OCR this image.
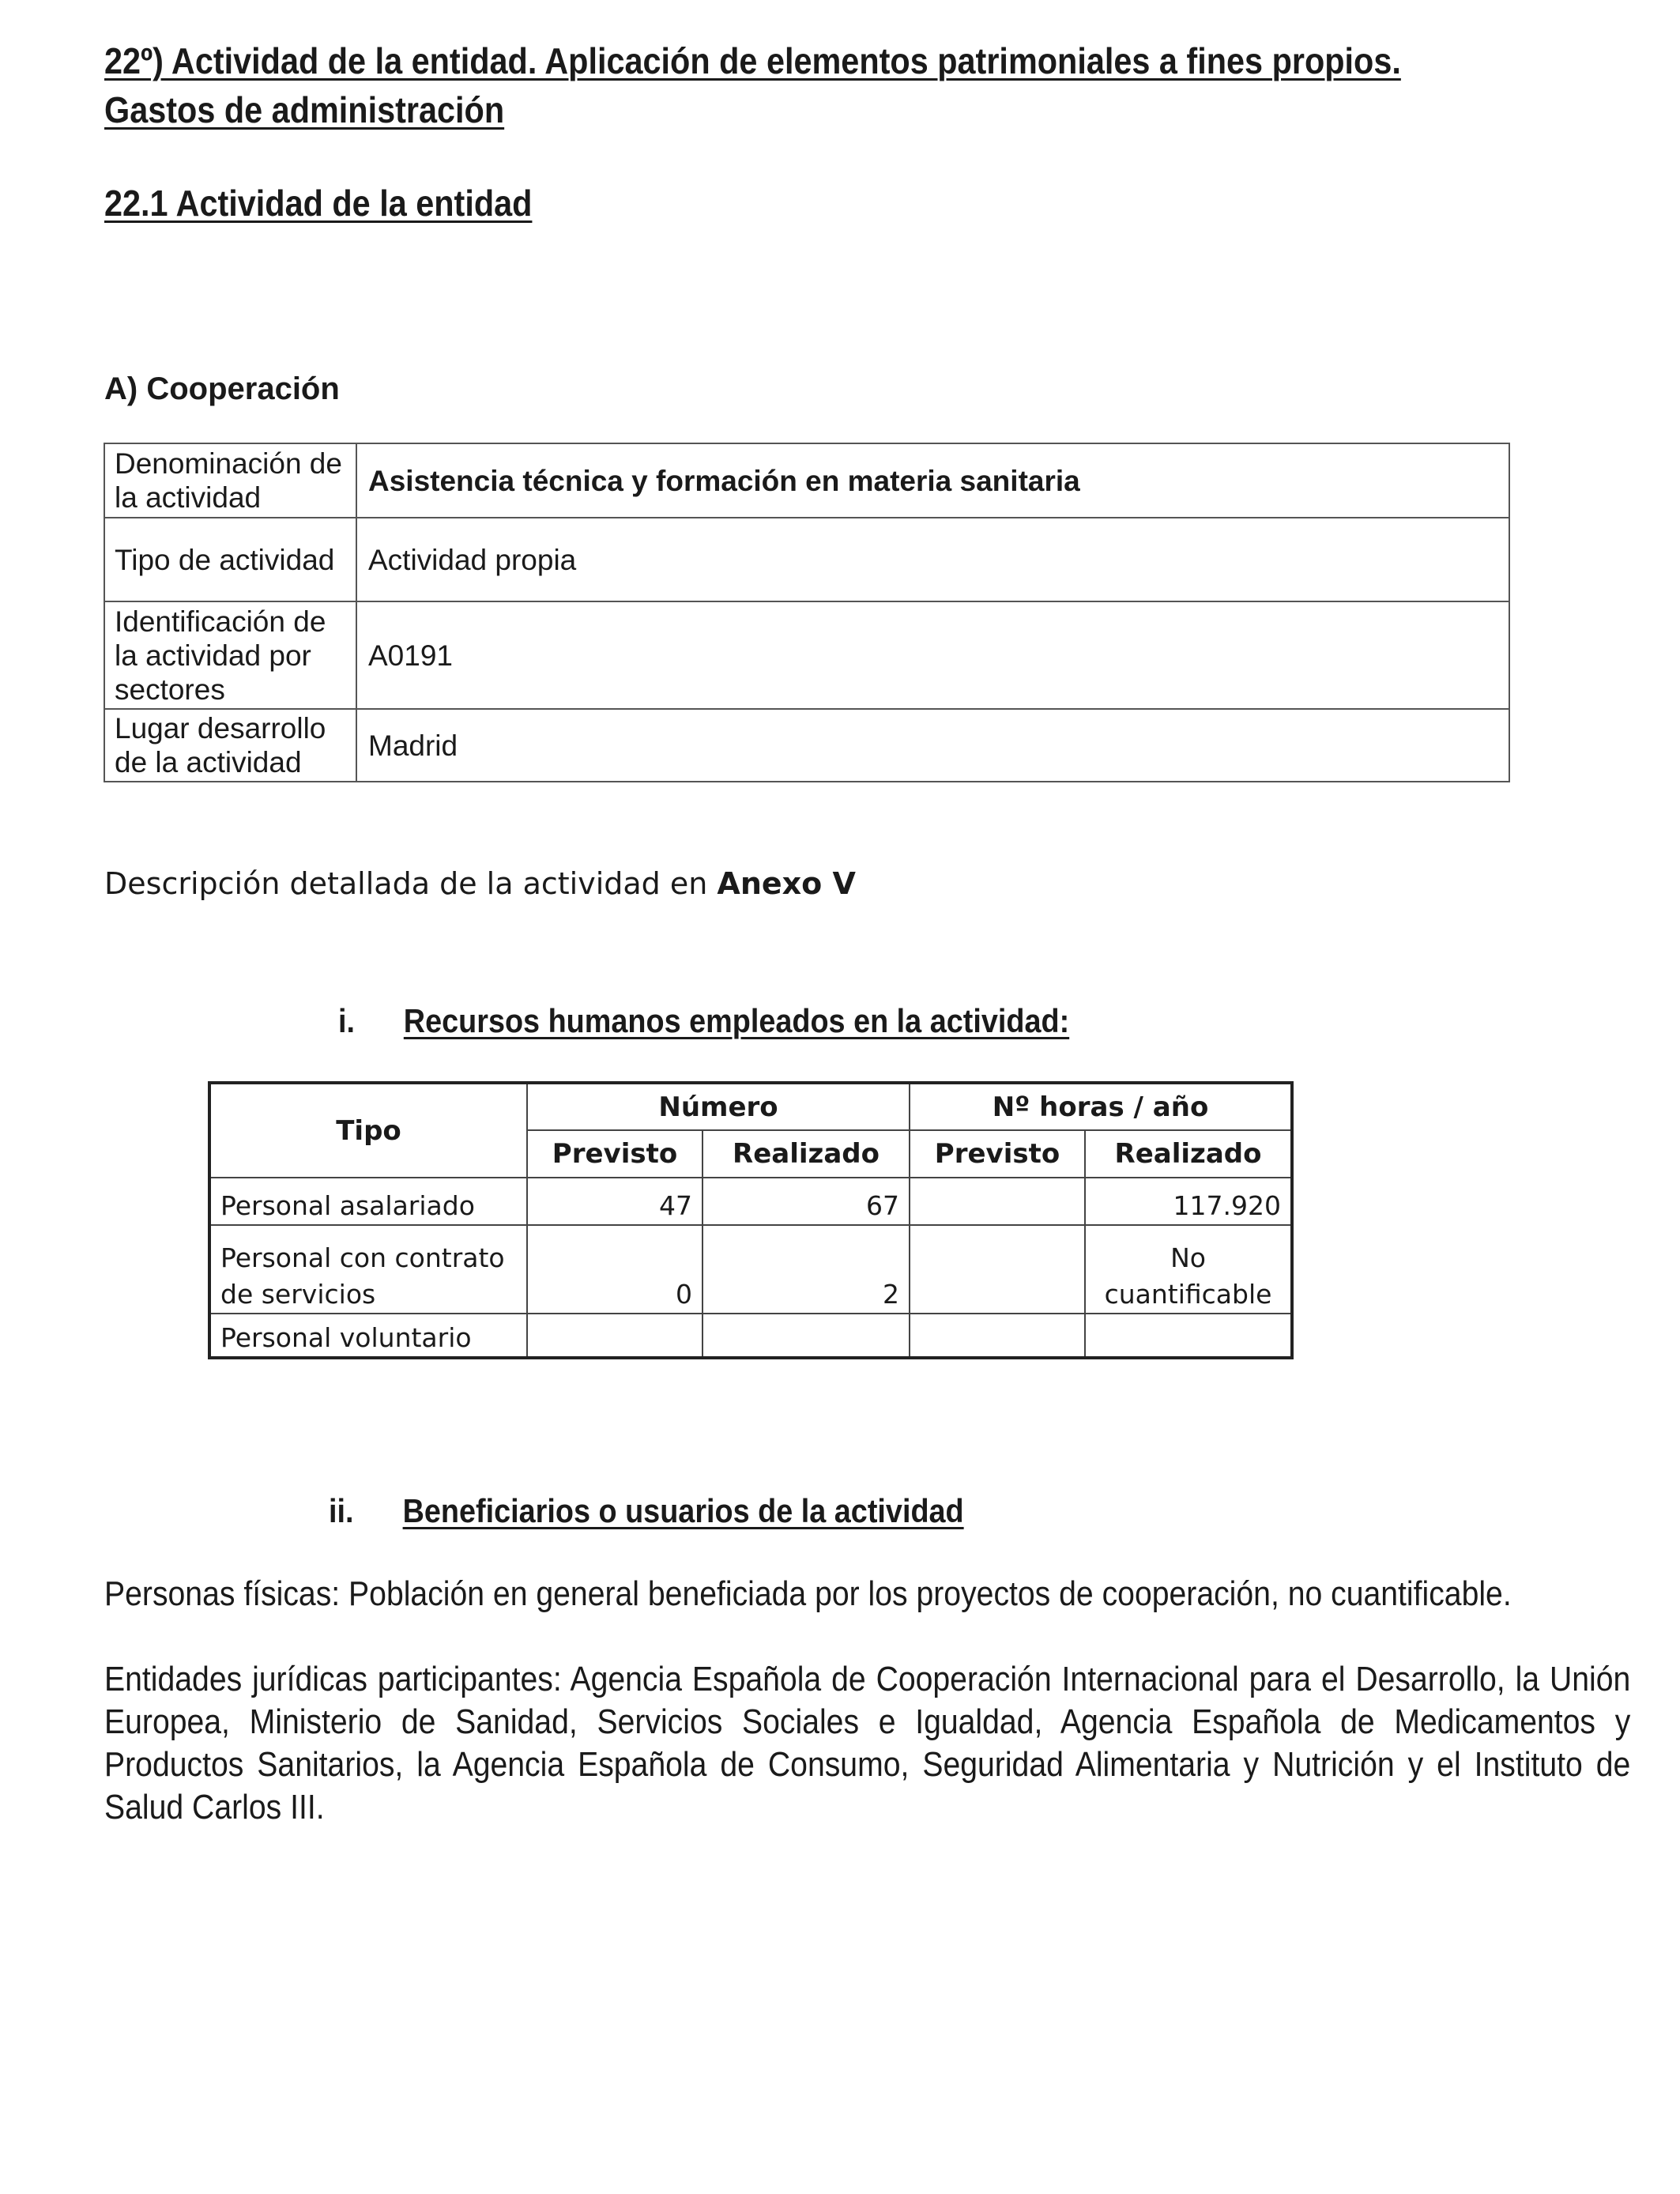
22º) Actividad de la entidad. Aplicación de elementos patrimoniales a fines propios.
Gastos de administración
22.1 Actividad de la entidad
A) Cooperación
Denominación de la actividad	Asistencia técnica y formación en materia sanitaria
Tipo de actividad	Actividad propia
Identificación de la actividad por sectores	A0191
Lugar desarrollo de la actividad	Madrid

Descripción detallada de la actividad en Anexo V

i. Recursos humanos empleados en la actividad:
Tipo	Número		Nº horas / año	
	Previsto	Realizado	Previsto	Realizado
Personal asalariado	47	67		117.920
Personal con contrato de servicios	0	2		No cuantificable
Personal voluntario				
ii. Beneficiarios o usuarios de la actividad

Personas físicas: Población en general beneficiada por los proyectos de cooperación, no cuantificable.

Entidades jurídicas participantes: Agencia Española de Cooperación Internacional para el Desarrollo, la Unión Europea, Ministerio de Sanidad, Servicios Sociales e Igualdad, Agencia Española de Medicamentos y Productos Sanitarios, la Agencia Española de Consumo, Seguridad Alimentaria y Nutrición y el Instituto de Salud Carlos III.
